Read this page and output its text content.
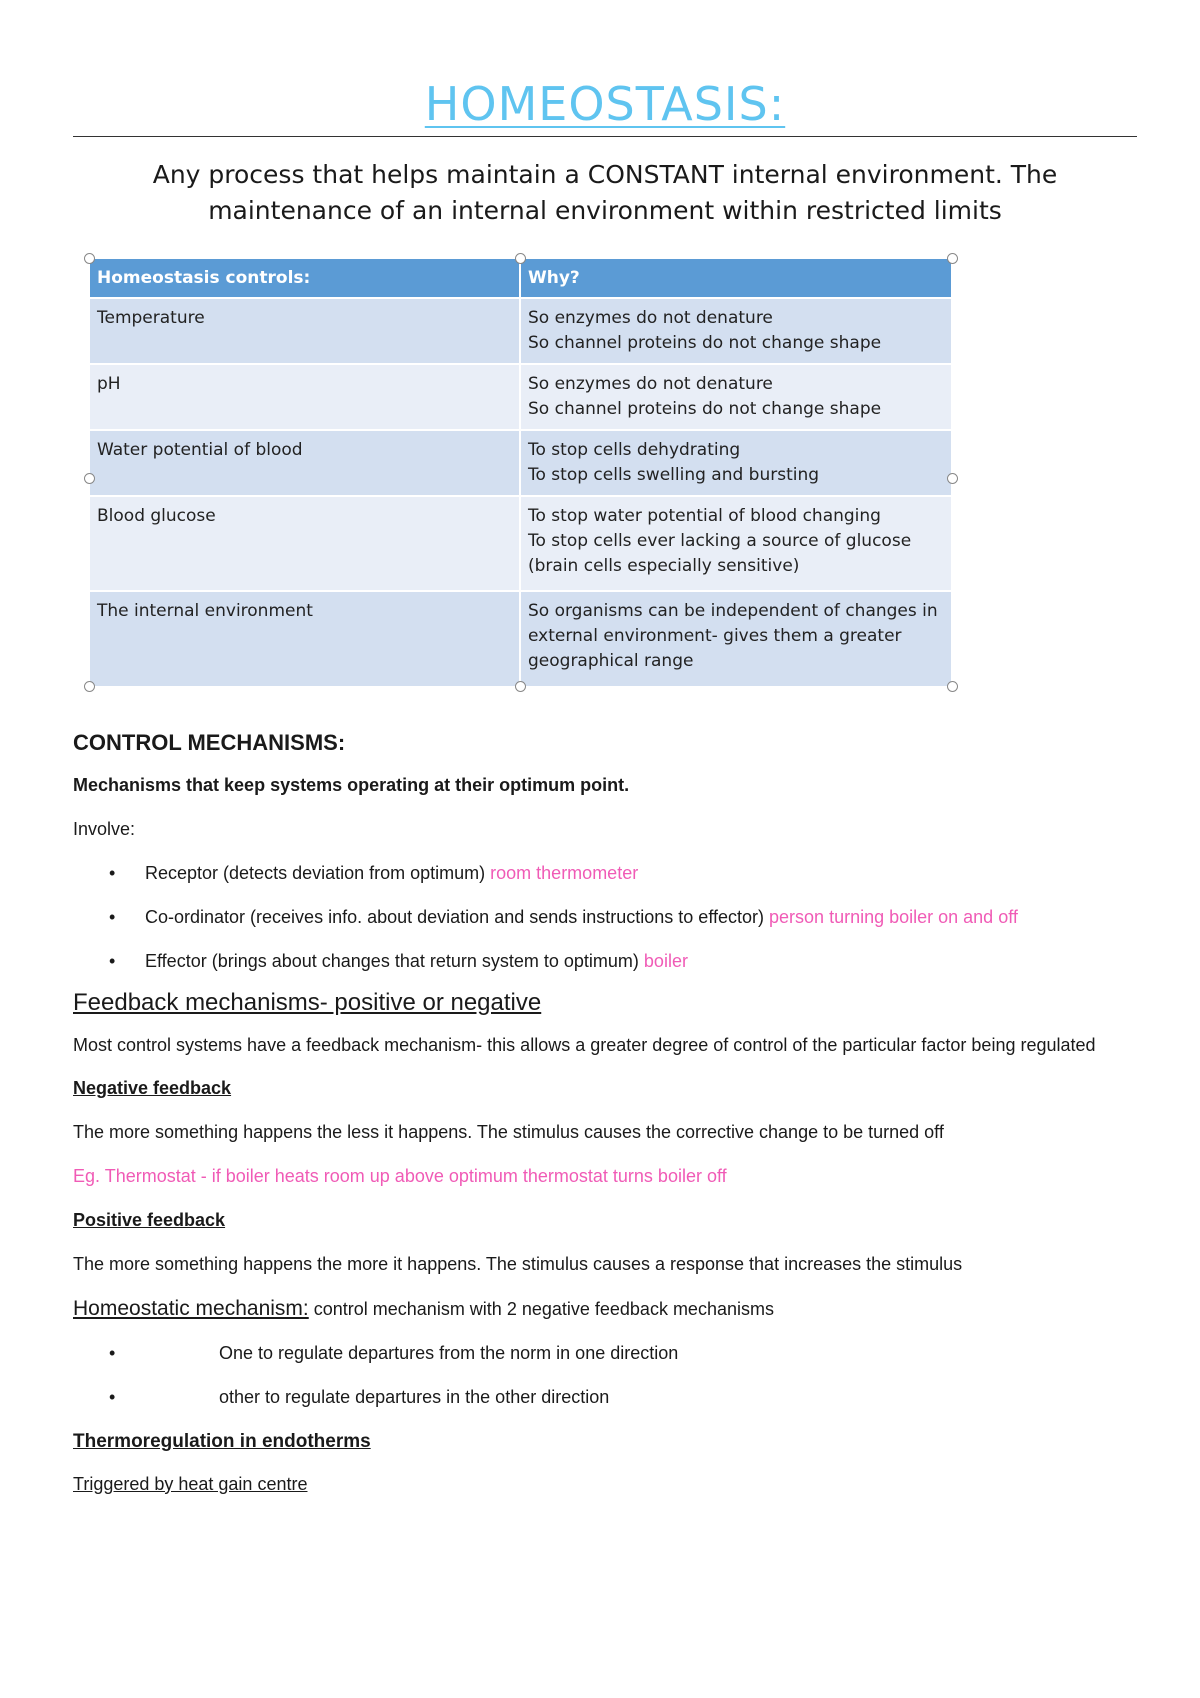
HOMEOSTASIS:
Any process that helps maintain a CONSTANT internal environment. The maintenance of an internal environment within restricted limits
Homeostasis controls:	Why?
Temperature	So enzymes do not denature
So channel proteins do not change shape

pH	So enzymes do not denature
So channel proteins do not change shape

Water potential of blood	To stop cells dehydrating
To stop cells swelling and bursting

Blood glucose	To stop water potential of blood changing
To stop cells ever lacking a source of glucose
(brain cells especially sensitive)

The internal environment	So organisms can be independent of changes in
external environment- gives them a greater
geographical range
CONTROL MECHANISMS:

Mechanisms that keep systems operating at their optimum point.

Involve:

• Receptor (detects deviation from optimum) room thermometer
• Co-ordinator (receives info. about deviation and sends instructions to effector) person turning boiler on and off
• Effector (brings about changes that return system to optimum) boiler

Feedback mechanisms- positive or negative

Most control systems have a feedback mechanism- this allows a greater degree of control of the particular factor being regulated

Negative feedback

The more something happens the less it happens. The stimulus causes the corrective change to be turned off

Eg. Thermostat - if boiler heats room up above optimum thermostat turns boiler off

Positive feedback

The more something happens the more it happens. The stimulus causes a response that increases the stimulus

Homeostatic mechanism: control mechanism with 2 negative feedback mechanisms

•	One to regulate departures from the norm in one direction
•	other to regulate departures in the other direction

Thermoregulation in endotherms

Triggered by heat gain centre
